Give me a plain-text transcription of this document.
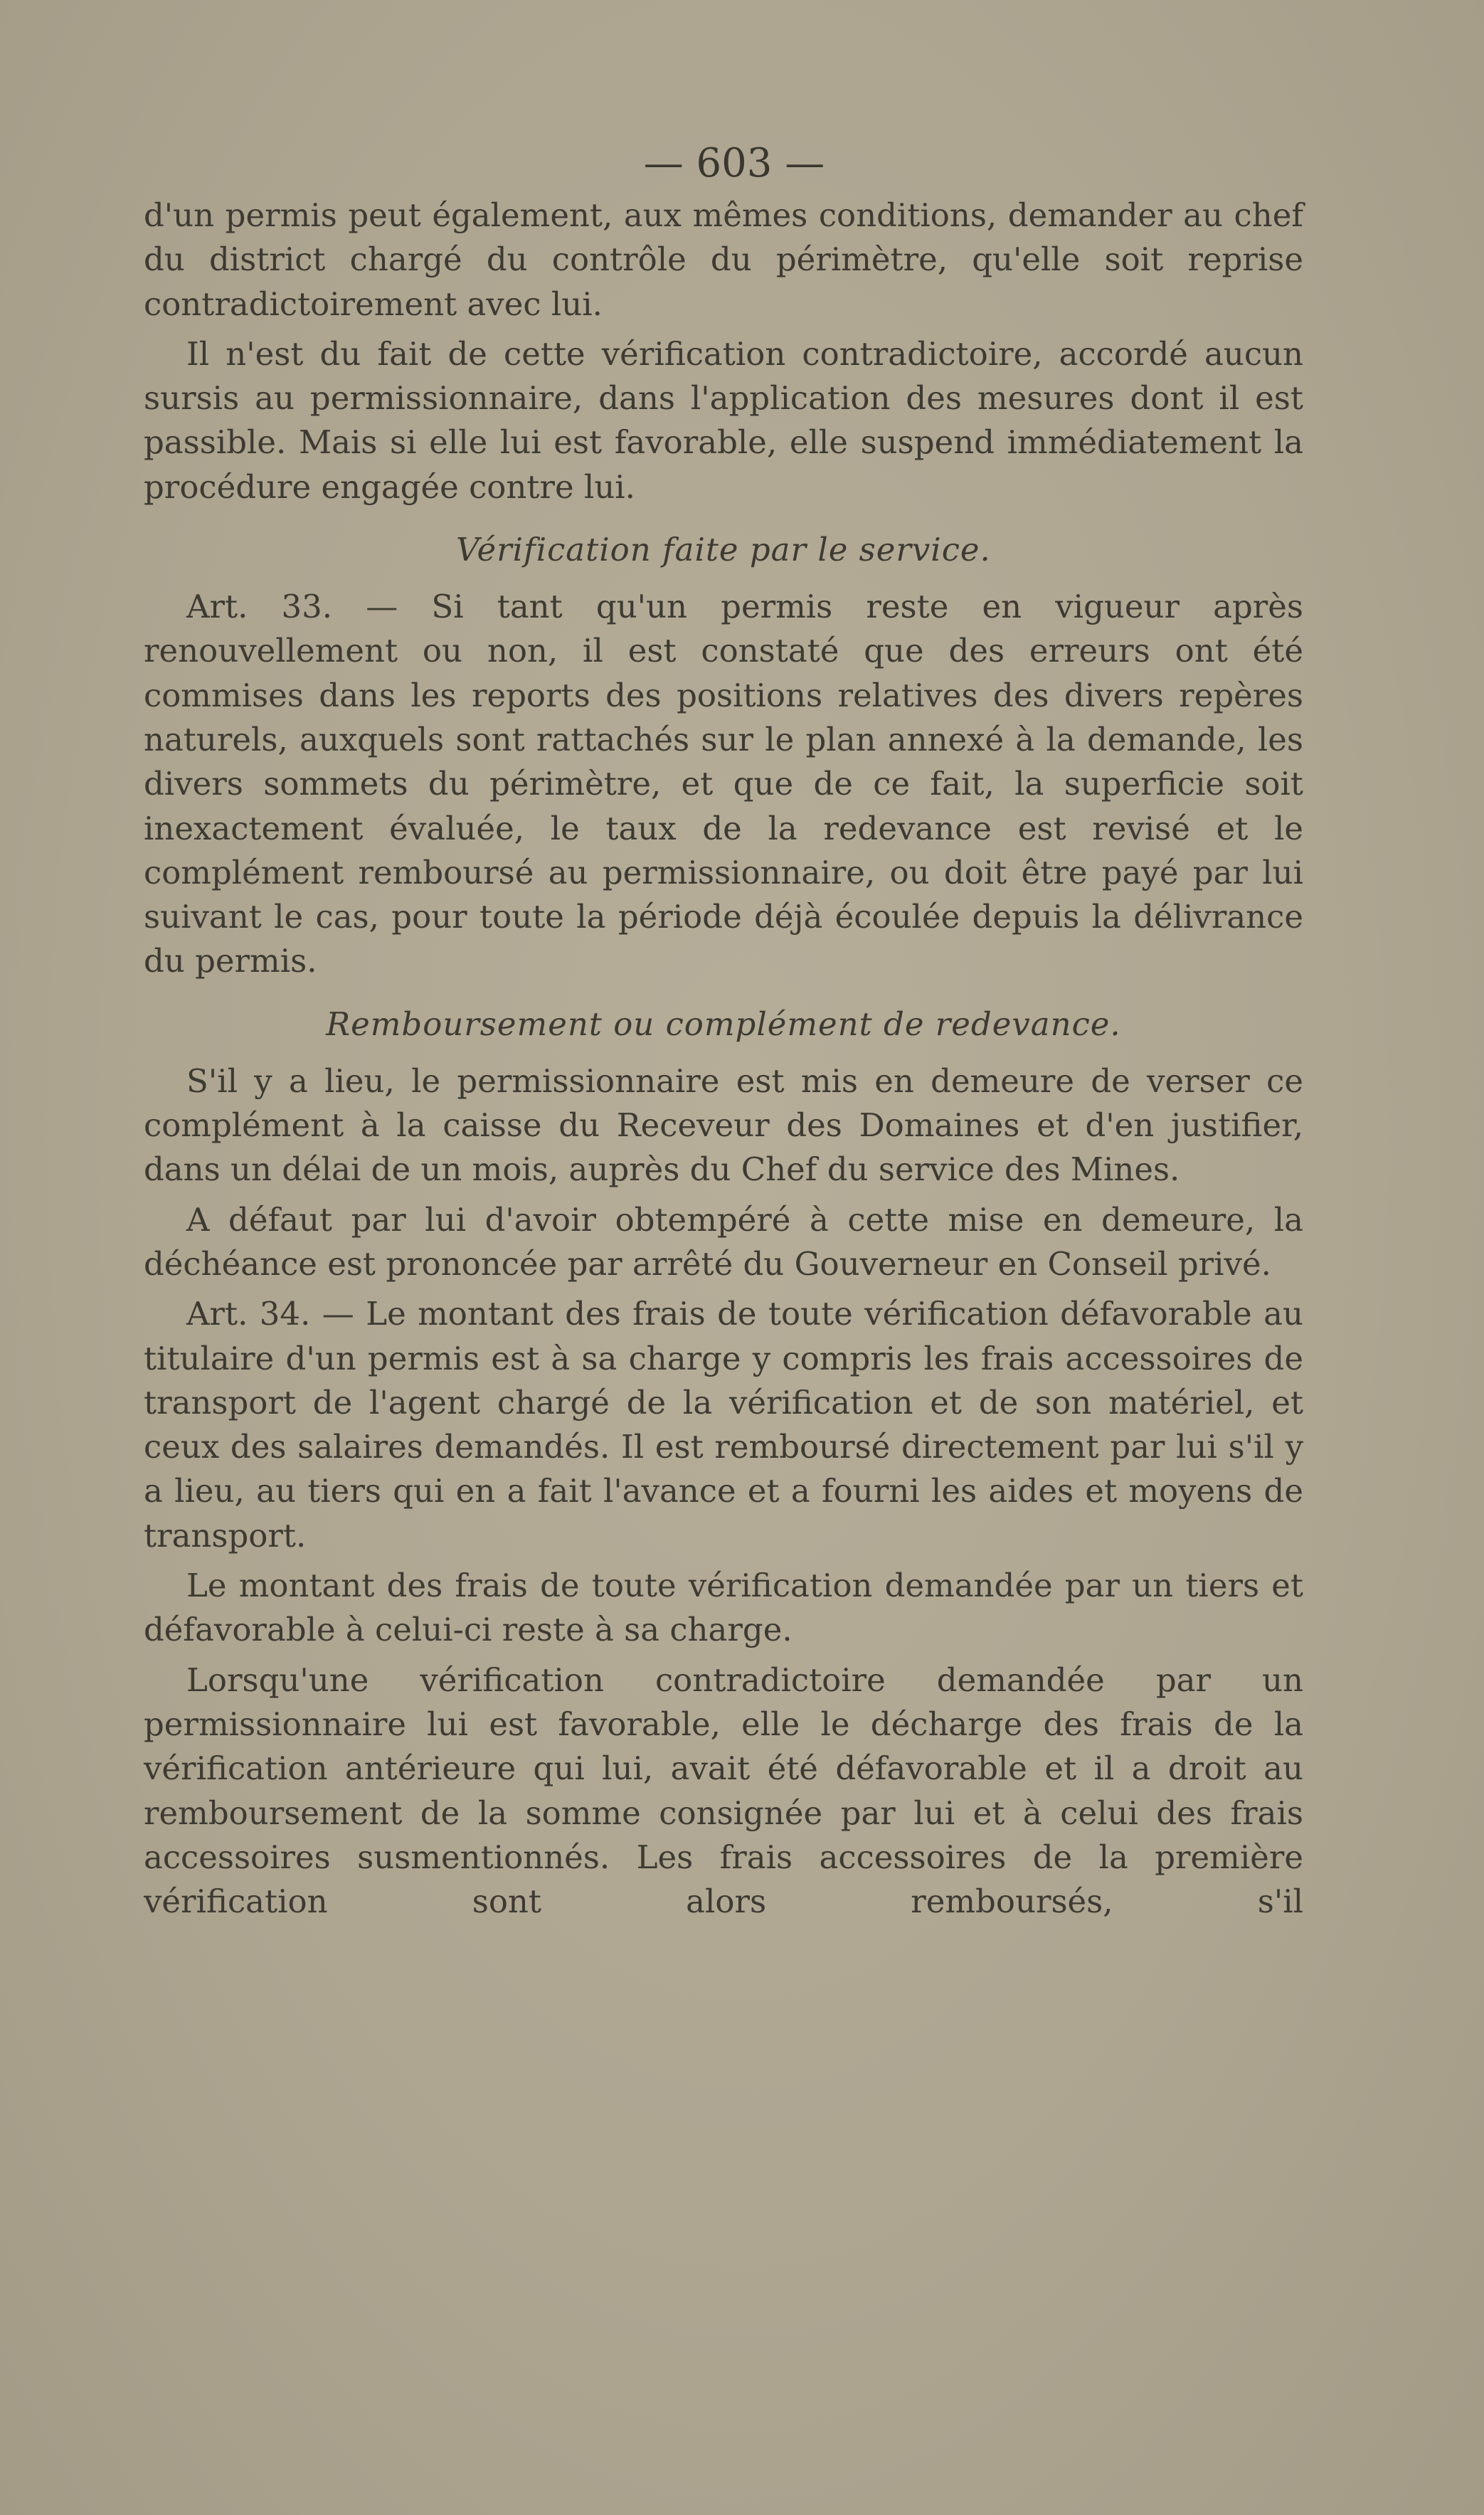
— 603 —

d'un permis peut également, aux mêmes conditions, demander au chef du district chargé du contrôle du périmètre, qu'elle soit reprise contradictoirement avec lui.

Il n'est du fait de cette vérification contradictoire, accordé aucun sursis au permissionnaire, dans l'application des mesures dont il est passible. Mais si elle lui est favorable, elle suspend immédiatement la procédure engagée contre lui.

Vérification faite par le service.

Art. 33. — Si tant qu'un permis reste en vigueur après renouvellement ou non, il est constaté que des erreurs ont été commises dans les reports des positions relatives des divers repères naturels, auxquels sont rattachés sur le plan annexé à la demande, les divers sommets du périmètre, et que de ce fait, la superficie soit inexactement évaluée, le taux de la redevance est revisé et le complément remboursé au permissionnaire, ou doit être payé par lui suivant le cas, pour toute la période déjà écoulée depuis la délivrance du permis.

Remboursement ou complément de redevance.

S'il y a lieu, le permissionnaire est mis en demeure de verser ce complément à la caisse du Receveur des Domaines et d'en justifier, dans un délai de un mois, auprès du Chef du service des Mines.

A défaut par lui d'avoir obtempéré à cette mise en demeure, la déchéance est prononcée par arrêté du Gouverneur en Conseil privé.

Art. 34. — Le montant des frais de toute vérification défavorable au titulaire d'un permis est à sa charge y compris les frais accessoires de transport de l'agent chargé de la vérification et de son matériel, et ceux des salaires demandés. Il est remboursé directement par lui s'il y a lieu, au tiers qui en a fait l'avance et a fourni les aides et moyens de transport.

Le montant des frais de toute vérification demandée par un tiers et défavorable à celui-ci reste à sa charge.

Lorsqu'une vérification contradictoire demandée par un permissionnaire lui est favorable, elle le décharge des frais de la vérification antérieure qui lui, avait été défavorable et il a droit au remboursement de la somme consignée par lui et à celui des frais accessoires susmentionnés. Les frais accessoires de la première vérification sont alors remboursés, s'il
